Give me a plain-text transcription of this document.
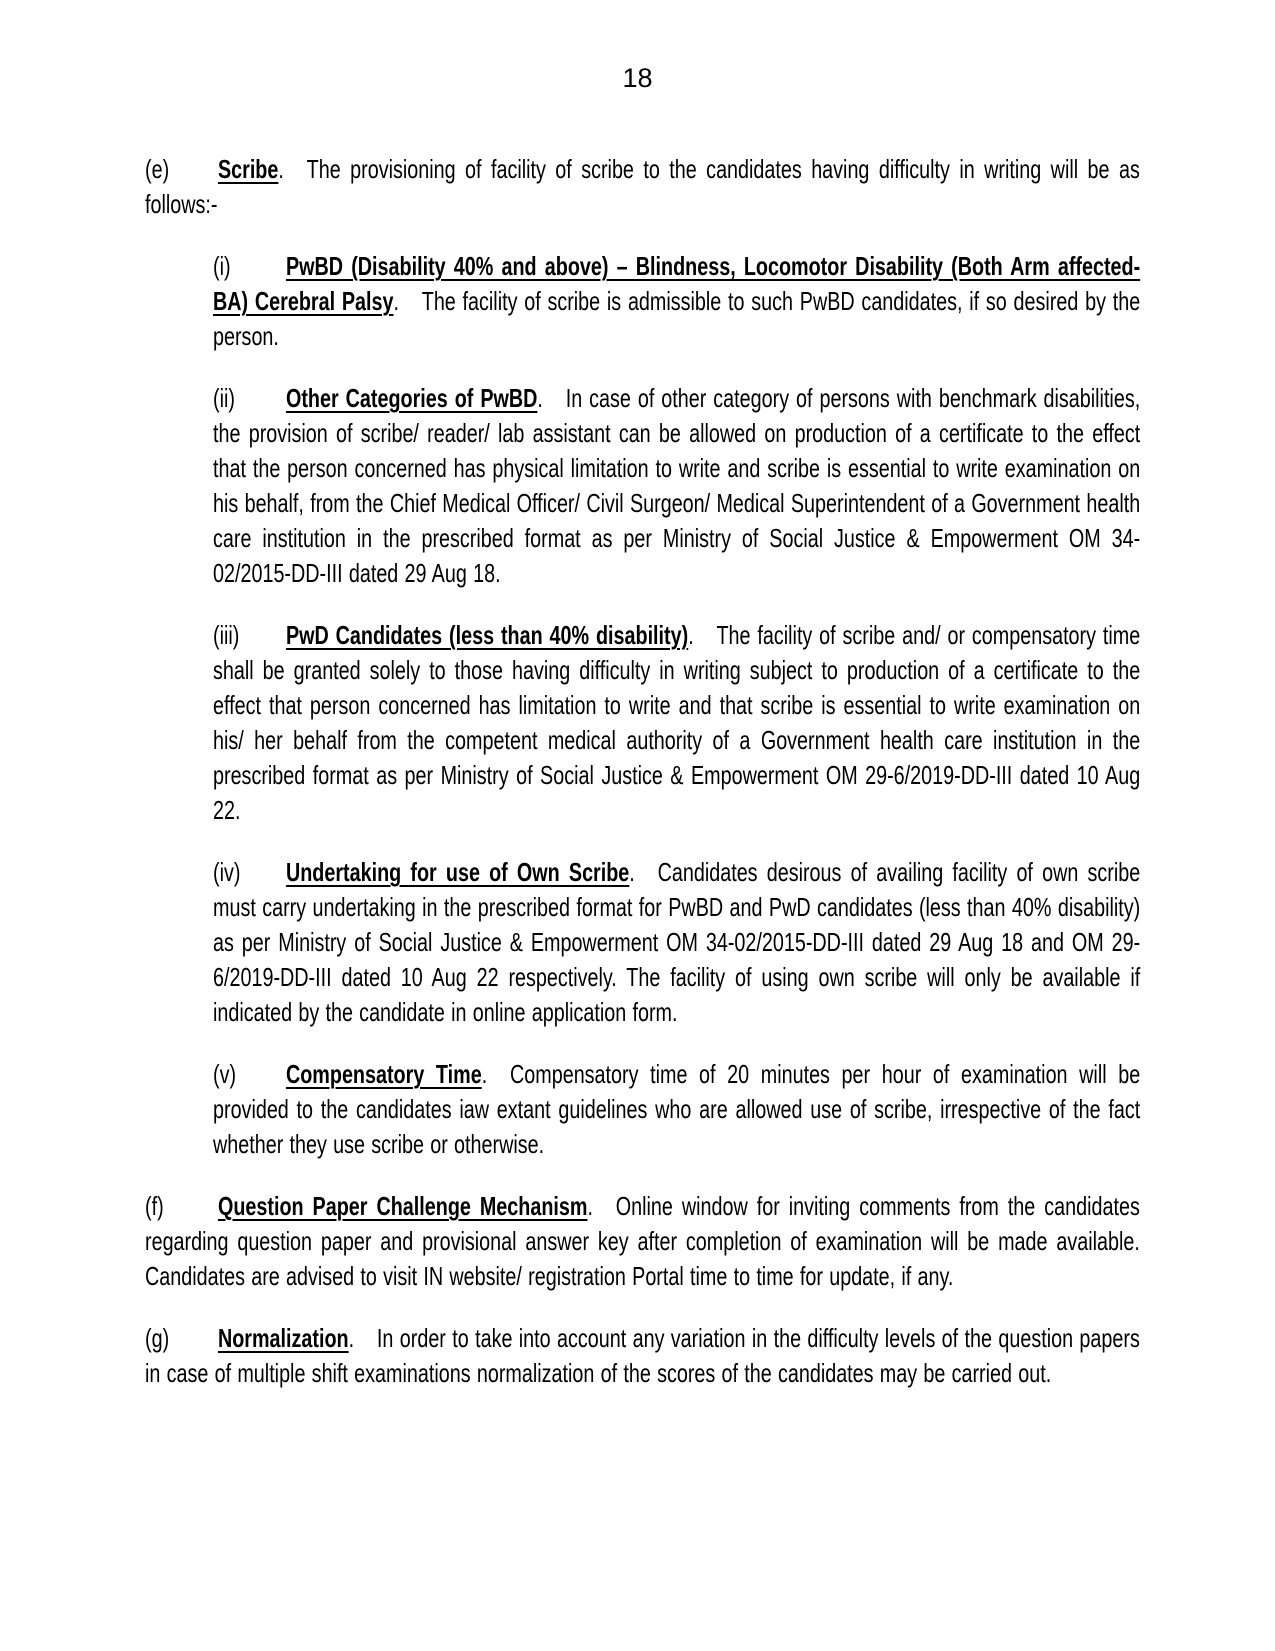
18
(e) Scribe. The provisioning of facility of scribe to the candidates having difficulty in writing will be as follows:-
(i) PwBD (Disability 40% and above) – Blindness, Locomotor Disability (Both Arm affected- BA) Cerebral Palsy. The facility of scribe is admissible to such PwBD candidates, if so desired by the person.
(ii) Other Categories of PwBD. In case of other category of persons with benchmark disabilities, the provision of scribe/ reader/ lab assistant can be allowed on production of a certificate to the effect that the person concerned has physical limitation to write and scribe is essential to write examination on his behalf, from the Chief Medical Officer/ Civil Surgeon/ Medical Superintendent of a Government health care institution in the prescribed format as per Ministry of Social Justice & Empowerment OM 34-02/2015-DD-III dated 29 Aug 18.
(iii) PwD Candidates (less than 40% disability). The facility of scribe and/ or compensatory time shall be granted solely to those having difficulty in writing subject to production of a certificate to the effect that person concerned has limitation to write and that scribe is essential to write examination on his/ her behalf from the competent medical authority of a Government health care institution in the prescribed format as per Ministry of Social Justice & Empowerment OM 29-6/2019-DD-III dated 10 Aug 22.
(iv) Undertaking for use of Own Scribe. Candidates desirous of availing facility of own scribe must carry undertaking in the prescribed format for PwBD and PwD candidates (less than 40% disability) as per Ministry of Social Justice & Empowerment OM 34-02/2015-DD-III dated 29 Aug 18 and OM 29-6/2019-DD-III dated 10 Aug 22 respectively. The facility of using own scribe will only be available if indicated by the candidate in online application form.
(v) Compensatory Time. Compensatory time of 20 minutes per hour of examination will be provided to the candidates iaw extant guidelines who are allowed use of scribe, irrespective of the fact whether they use scribe or otherwise.
(f) Question Paper Challenge Mechanism. Online window for inviting comments from the candidates regarding question paper and provisional answer key after completion of examination will be made available. Candidates are advised to visit IN website/ registration Portal time to time for update, if any.
(g) Normalization. In order to take into account any variation in the difficulty levels of the question papers in case of multiple shift examinations normalization of the scores of the candidates may be carried out.
